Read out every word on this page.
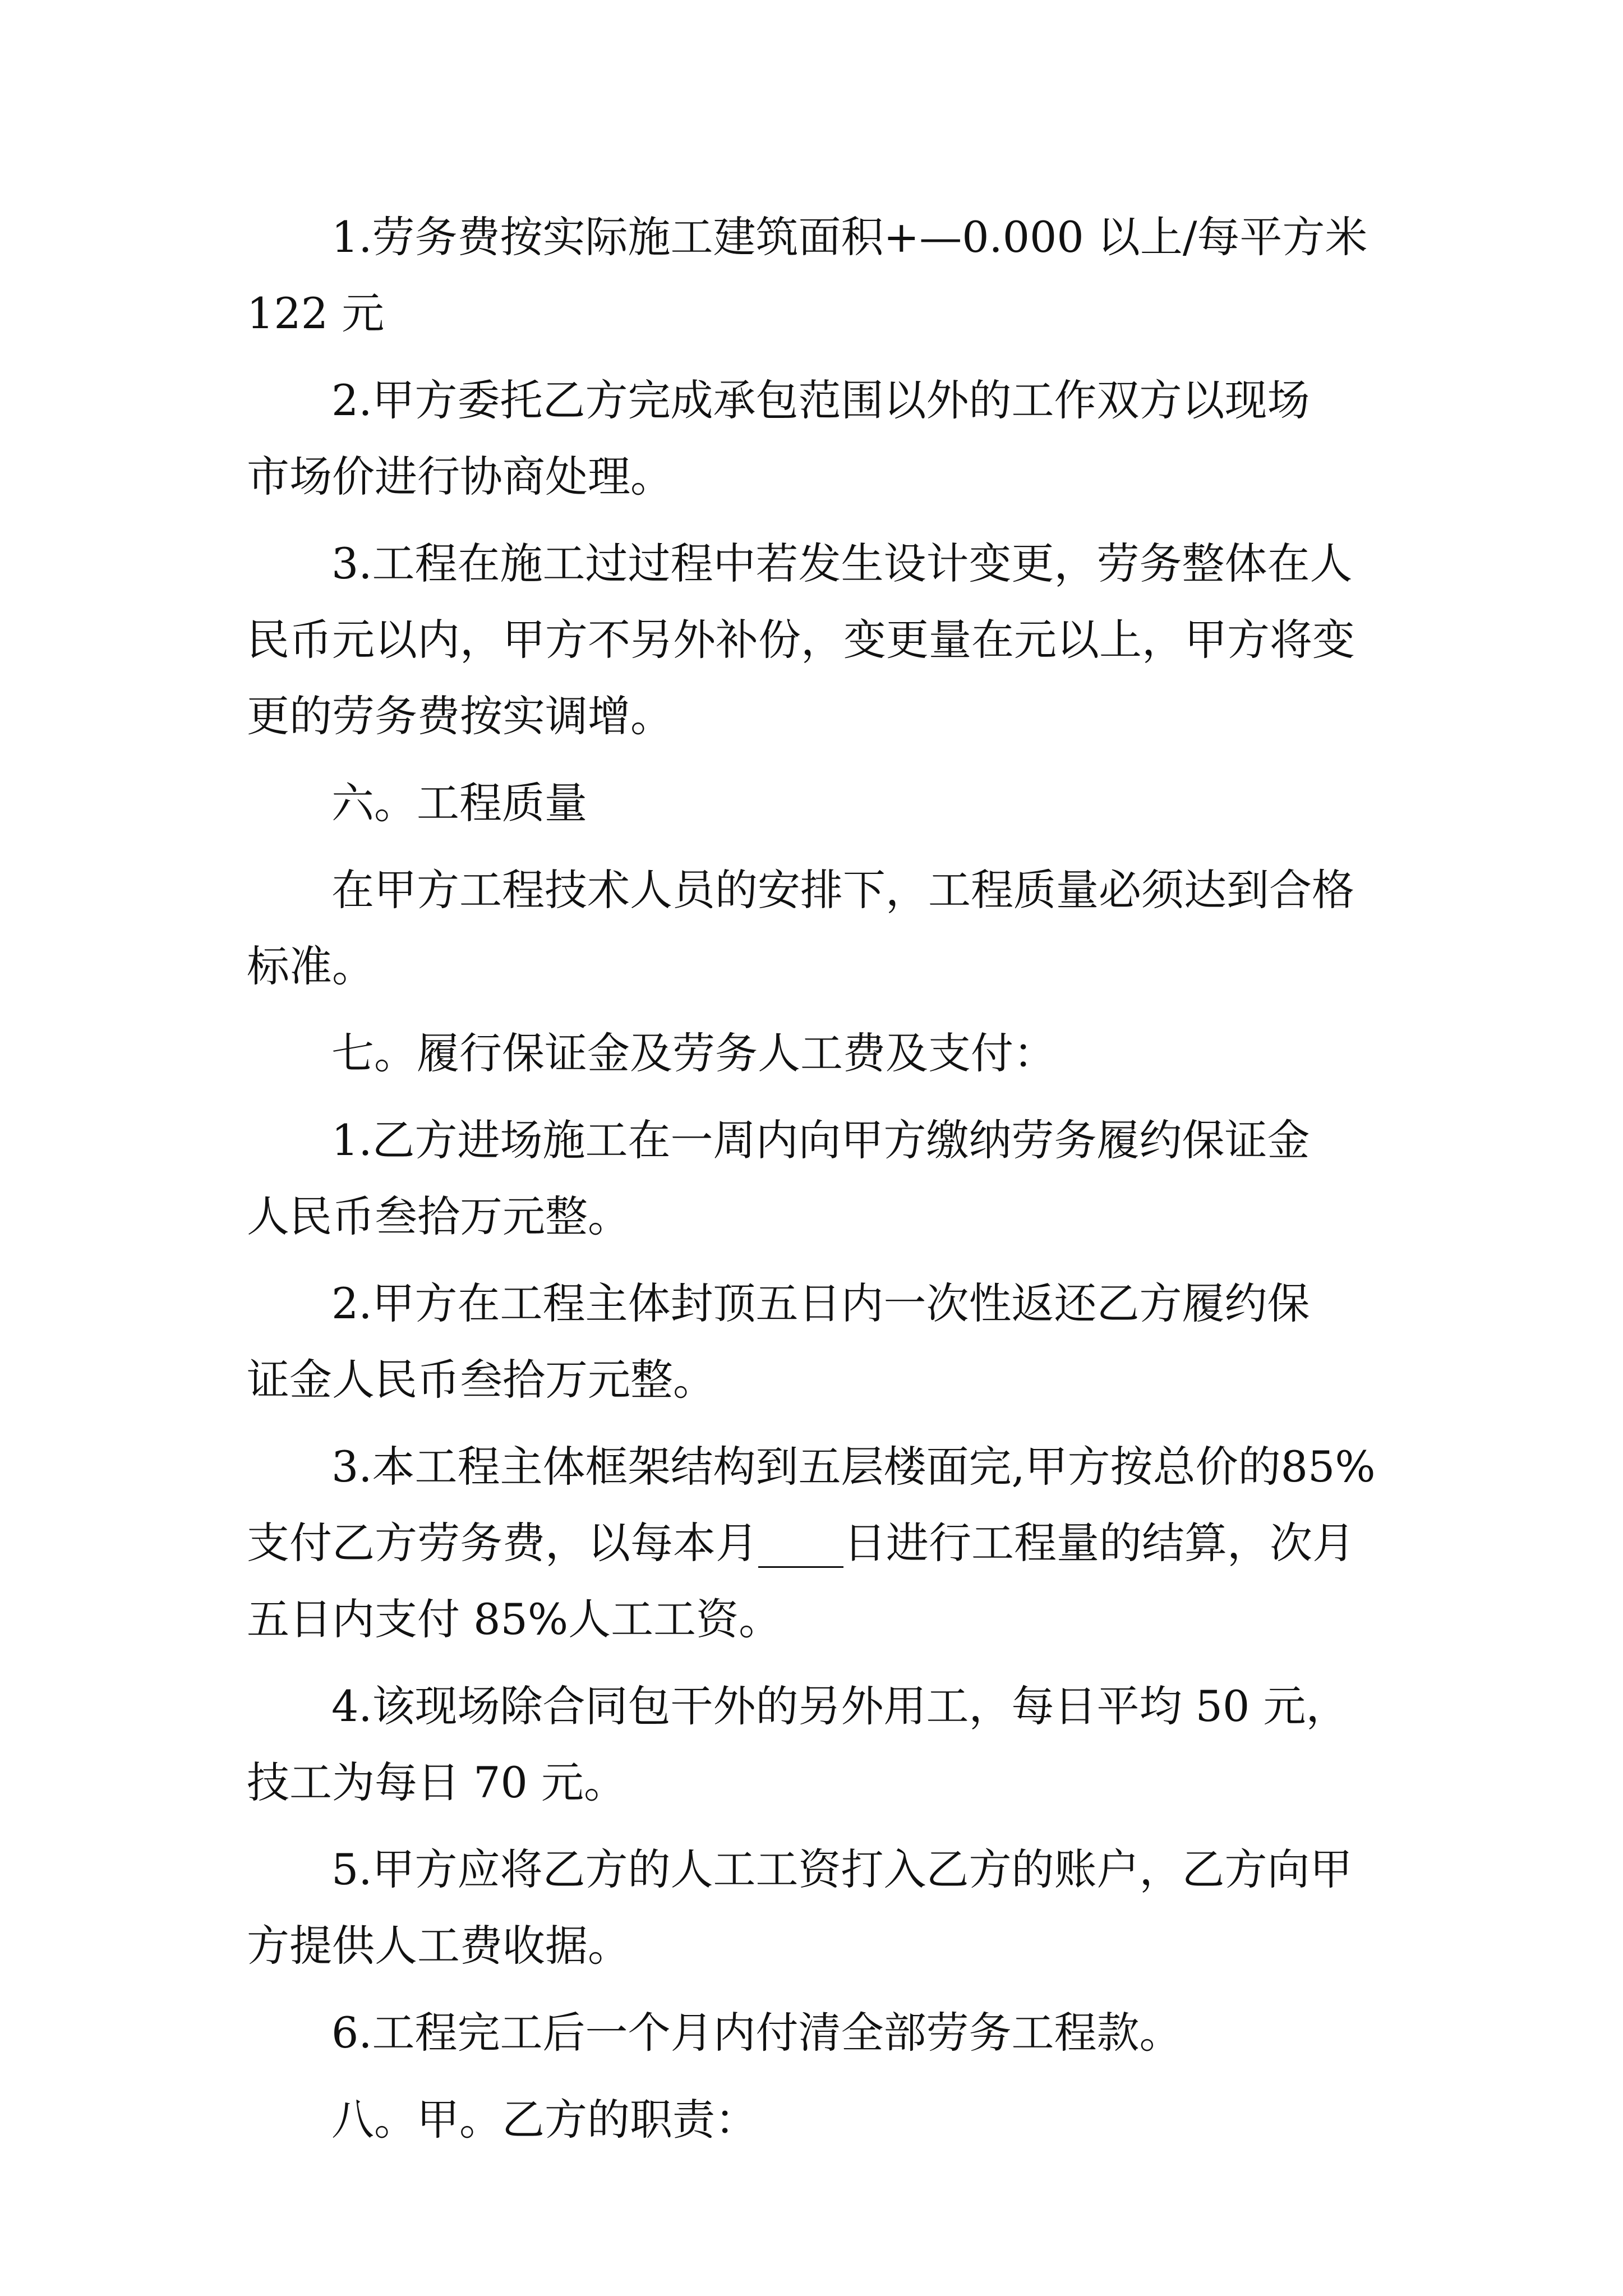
1.劳务费按实际施工建筑面积+—0.000 以上/每平方米
122 元
2.甲方委托乙方完成承包范围以外的工作双方以现场
市场价进行协商处理。
3.工程在施工过过程中若发生设计变更，劳务整体在人
民币元以内，甲方不另外补份，变更量在元以上，甲方将变
更的劳务费按实调增。
六。工程质量
在甲方工程技术人员的安排下，工程质量必须达到合格
标准。
七。履行保证金及劳务人工费及支付：
1.乙方进场施工在一周内向甲方缴纳劳务履约保证金
人民币叁拾万元整。
2.甲方在工程主体封顶五日内一次性返还乙方履约保
证金人民币叁拾万元整。
3.本工程主体框架结构到五层楼面完,甲方按总价的85%
支付乙方劳务费，以每本月____日进行工程量的结算，次月
五日内支付 85%人工工资。
4.该现场除合同包干外的另外用工，每日平均 50 元，
技工为每日 70 元。
5.甲方应将乙方的人工工资打入乙方的账户，乙方向甲
方提供人工费收据。
6.工程完工后一个月内付清全部劳务工程款。
八。甲。乙方的职责：
